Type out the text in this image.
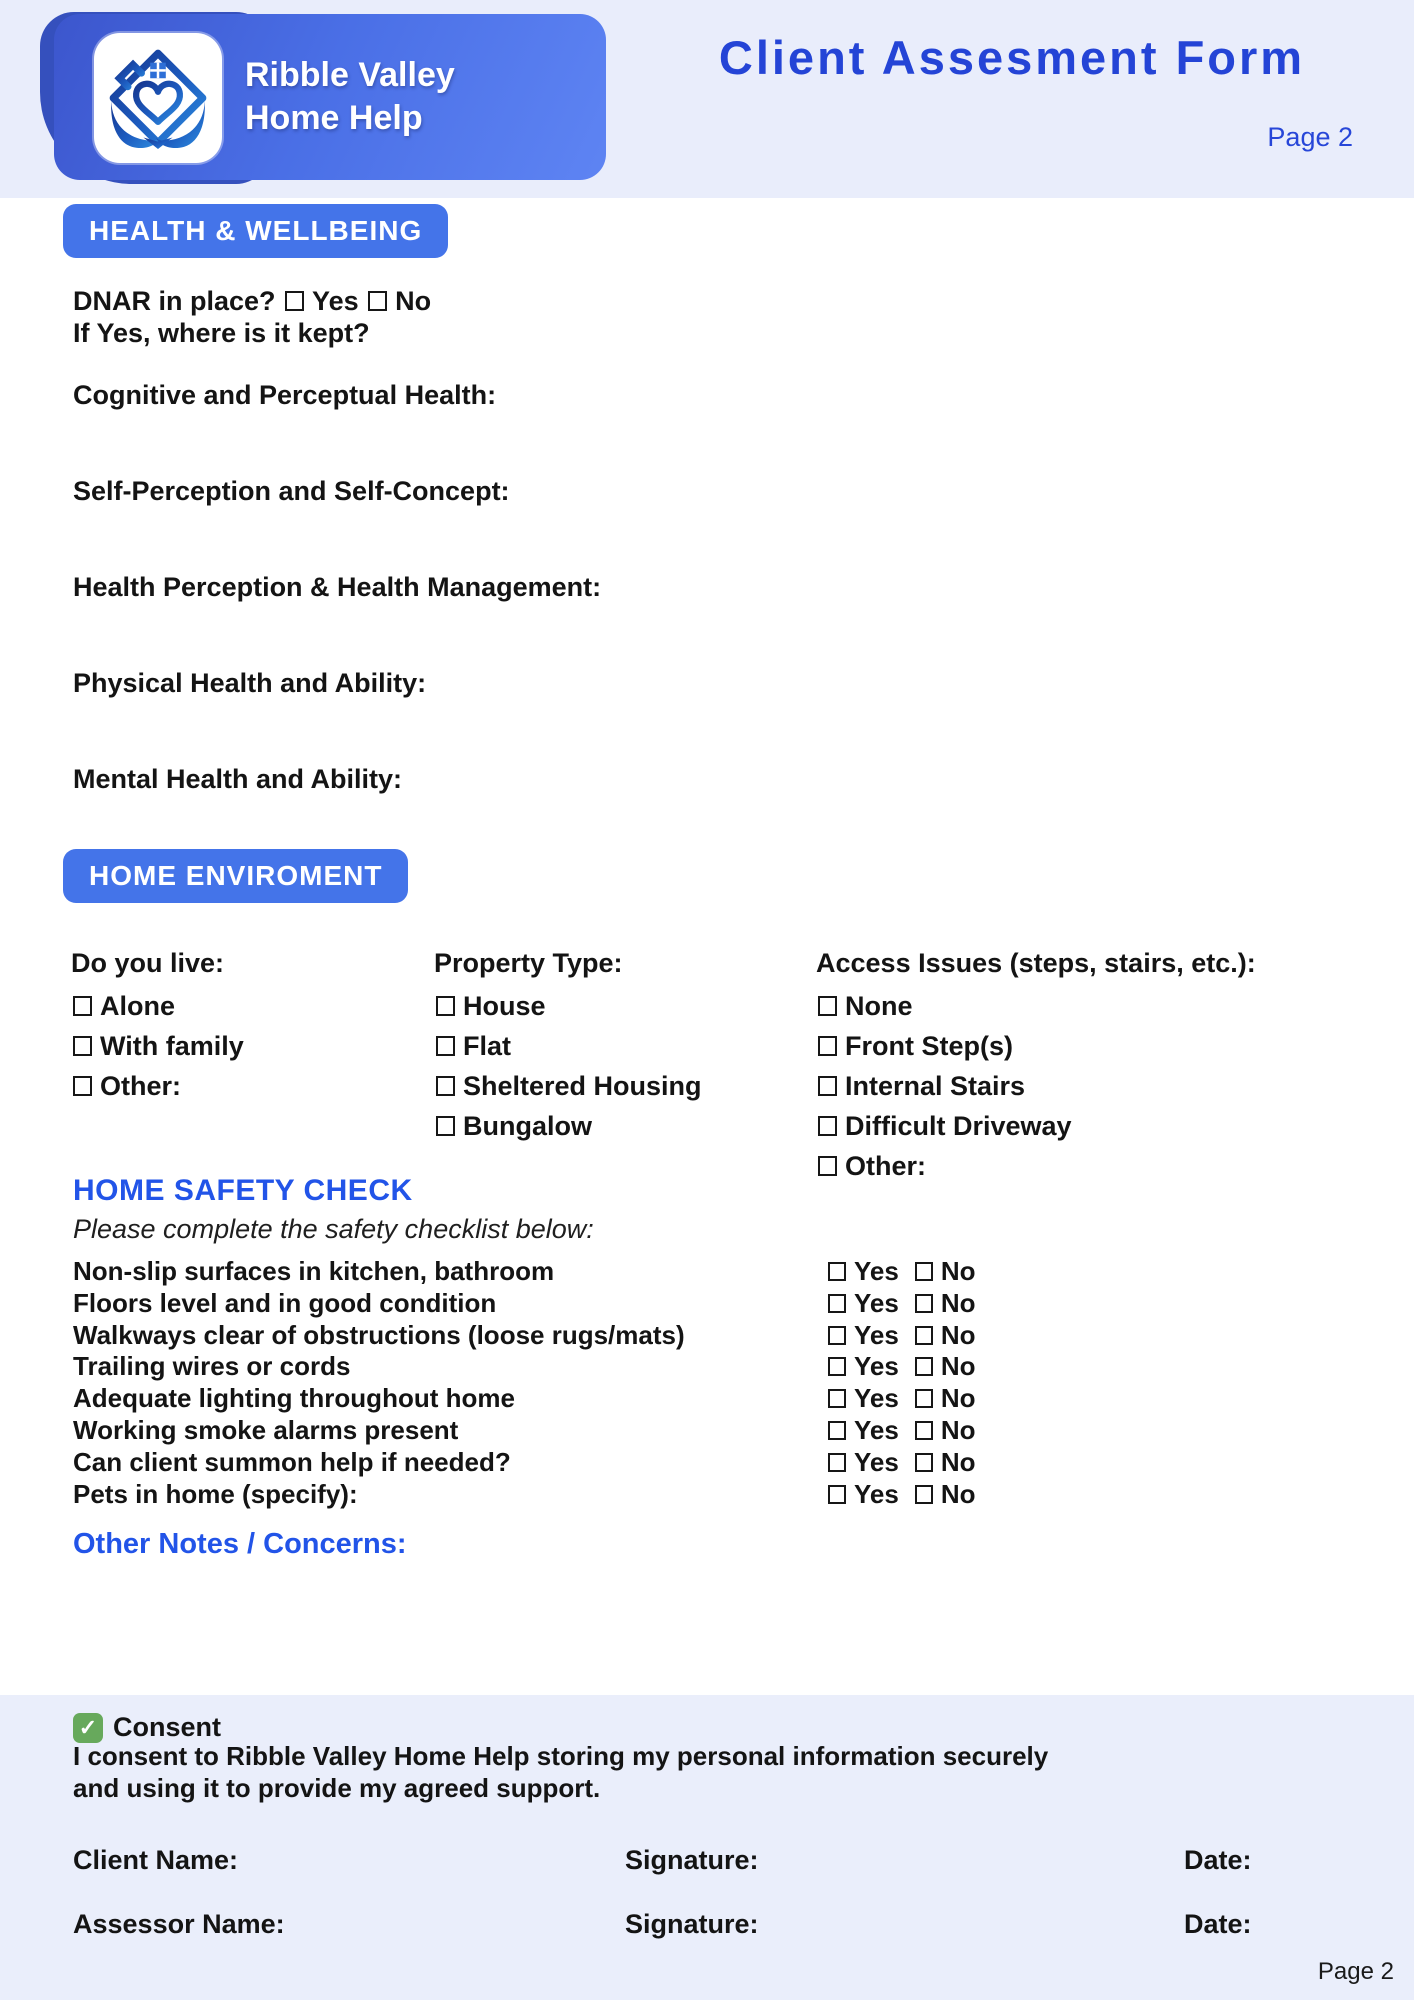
Ribble Valley
Home Help
Client Assesment Form
Page 2
HEALTH & WELLBEING
DNAR in place? Yes No
If Yes, where is it kept?
Cognitive and Perceptual Health:
Self-Perception and Self-Concept:
Health Perception & Health Management:
Physical Health and Ability:
Mental Health and Ability:
HOME ENVIROMENT
Do you live:
Alone
With family
Other:
Property Type:
House
Flat
Sheltered Housing
Bungalow
Access Issues (steps, stairs, etc.):
None
Front Step(s)
Internal Stairs
Difficult Driveway
Other:
HOME SAFETY CHECK
Please complete the safety checklist below:
Non-slip surfaces in kitchen, bathroom	Yes No
Floors level and in good condition	Yes No
Walkways clear of obstructions (loose rugs/mats)	Yes No
Trailing wires or cords	Yes No
Adequate lighting throughout home	Yes No
Working smoke alarms present	Yes No
Can client summon help if needed?	Yes No
Pets in home (specify):	Yes No
Other Notes / Concerns:
✓ Consent
I consent to Ribble Valley Home Help storing my personal information securely
and using it to provide my agreed support.
Client Name:	Signature:	Date:
Assessor Name:	Signature:	Date:
Page 2
